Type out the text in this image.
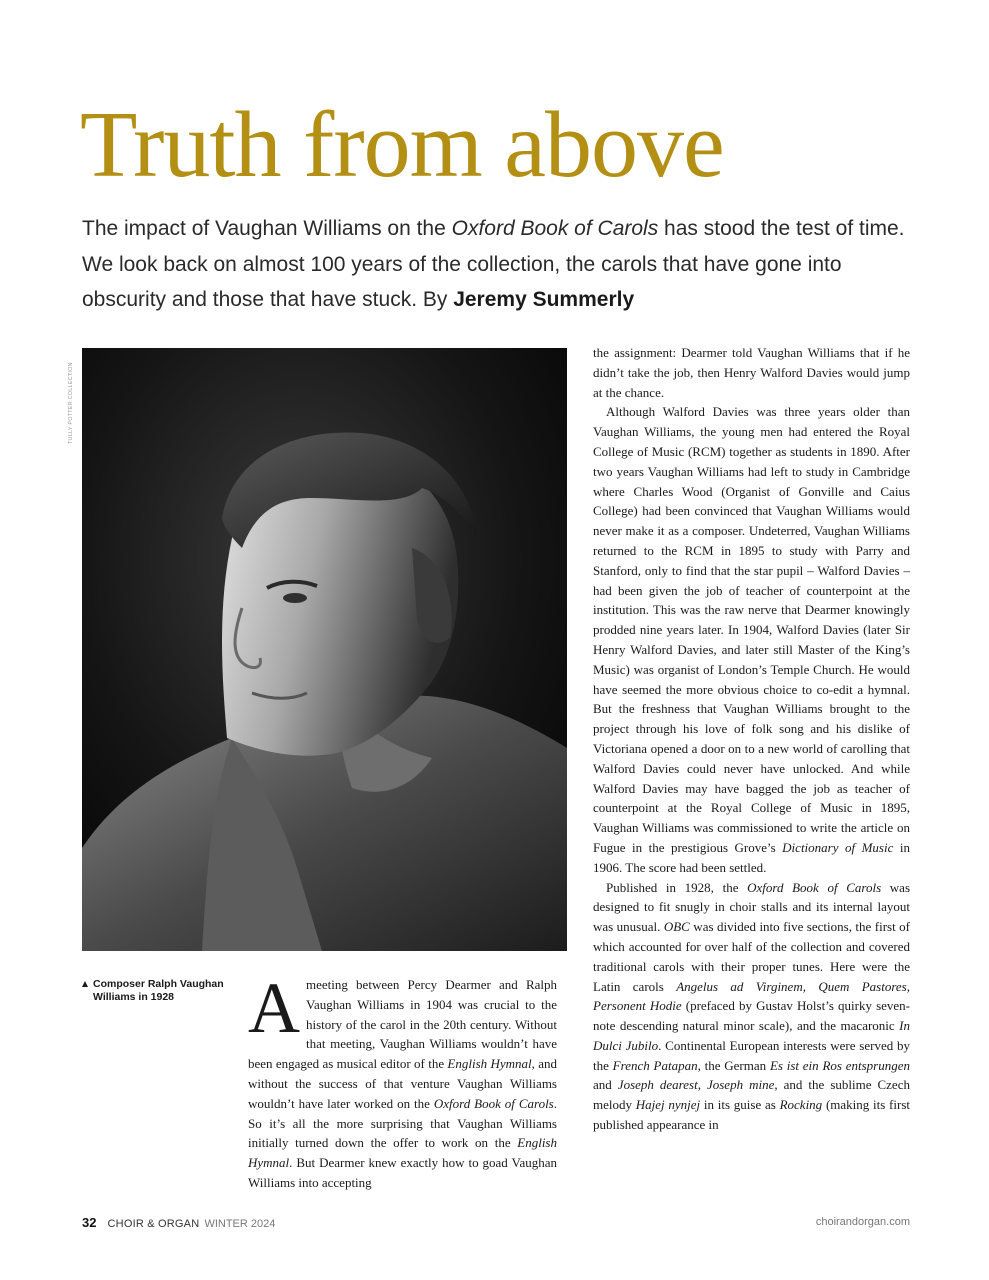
Truth from above

The impact of Vaughan Williams on the Oxford Book of Carols has stood the test of time. We look back on almost 100 years of the collection, the carols that have gone into obscurity and those that have stuck. By Jeremy Summerly

TULLY POTTER COLLECTION
Composer Ralph Vaughan Williams in 1928	A meeting between Percy Dearmer and Ralph Vaughan Williams in 1904 was crucial to the history of the carol in the 20th century. Without that meeting, Vaughan Williams wouldn’t have been engaged as musical editor of the English Hymnal, and without the success of that venture Vaughan Williams wouldn’t have later worked on the Oxford Book of Carols. So it’s all the more surprising that Vaughan Williams initially turned down the offer to work on the English Hymnal. But Dearmer knew exactly how to goad Vaughan Williams into accepting

the assignment: Dearmer told Vaughan Williams that if he didn’t take the job, then Henry Walford Davies would jump at the chance.

Although Walford Davies was three years older than Vaughan Williams, the young men had entered the Royal College of Music (RCM) together as students in 1890. After two years Vaughan Williams had left to study in Cambridge where Charles Wood (Organist of Gonville and Caius College) had been convinced that Vaughan Williams would never make it as a composer. Undeterred, Vaughan Williams returned to the RCM in 1895 to study with Parry and Stanford, only to find that the star pupil – Walford Davies – had been given the job of teacher of counterpoint at the institution. This was the raw nerve that Dearmer knowingly prodded nine years later. In 1904, Walford Davies (later Sir Henry Walford Davies, and later still Master of the King’s Music) was organist of London’s Temple Church. He would have seemed the more obvious choice to co-edit a hymnal. But the freshness that Vaughan Williams brought to the project through his love of folk song and his dislike of Victoriana opened a door on to a new world of carolling that Walford Davies could never have unlocked. And while Walford Davies may have bagged the job as teacher of counterpoint at the Royal College of Music in 1895, Vaughan Williams was commissioned to write the article on Fugue in the prestigious Grove’s Dictionary of Music in 1906. The score had been settled.

Published in 1928, the Oxford Book of Carols was designed to fit snugly in choir stalls and its internal layout was unusual. OBC was divided into five sections, the first of which accounted for over half of the collection and covered traditional carols with their proper tunes. Here were the Latin carols Angelus ad Virginem, Quem Pastores, Personent Hodie (prefaced by Gustav Holst’s quirky seven-note descending natural minor scale), and the macaronic In Dulci Jubilo. Continental European interests were served by the French Patapan, the German Es ist ein Ros entsprungen and Joseph dearest, Joseph mine, and the sublime Czech melody Hajej nynjej in its guise as Rocking (making its first published appearance in

32 CHOIR & ORGAN WINTER 2024	choirandorgan.com
